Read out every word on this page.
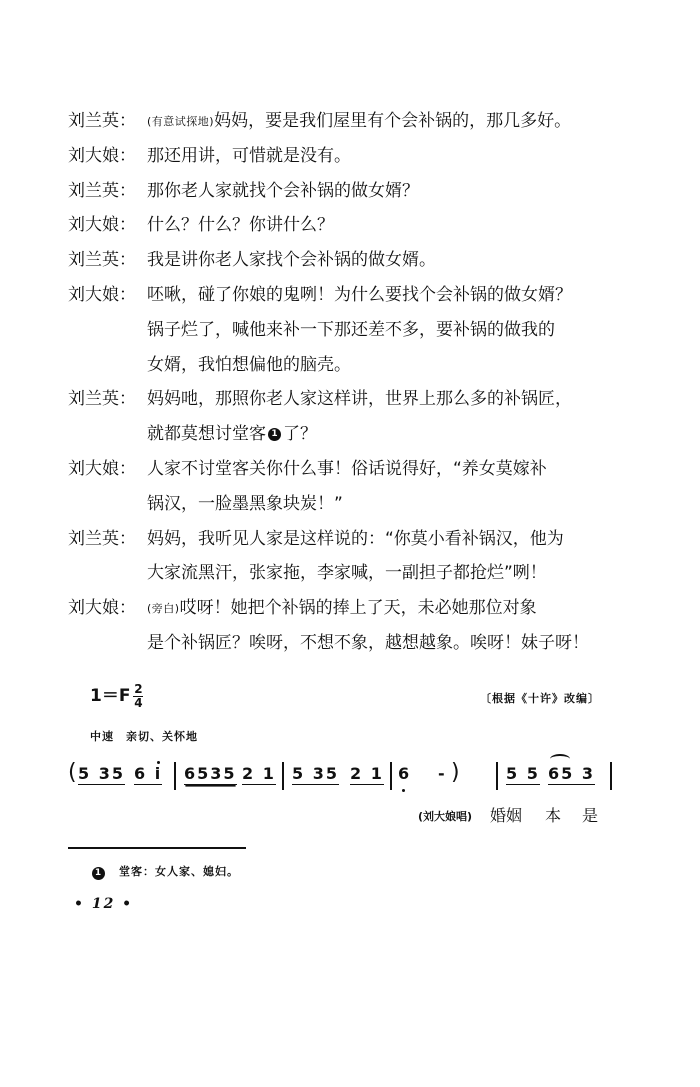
刘兰英： (有意试探地)妈妈，要是我们屋里有个会补锅的，那几多好。
刘大娘： 那还用讲，可惜就是没有。
刘兰英： 那你老人家就找个会补锅的做女婿？
刘大娘： 什么？什么？你讲什么？
刘兰英： 我是讲你老人家找个会补锅的做女婿。
刘大娘： 呸啾，碰了你娘的鬼咧！为什么要找个会补锅的做女婿？
锅子烂了，喊他来补一下那还差不多，要补锅的做我的
女婿，我怕想偏他的脑壳。
刘兰英： 妈妈吔，那照你老人家这样讲，世界上那么多的补锅匠，
就都莫想讨堂客 1 了？
刘大娘： 人家不讨堂客关你什么事！俗话说得好，“养女莫嫁补
锅汉，一脸墨黑象块炭！”
刘兰英： 妈妈，我听见人家是这样说的：“你莫小看补锅汉，他为
大家流黑汗，张家拖，李家喊，一副担子都抢烂”咧！
刘大娘： (旁白)哎呀！她把个补锅的捧上了天，未必她那位对象
是个补锅匠？唉呀，不想不象，越想越象。唉呀！妹子呀！
$1=F \frac{2}{4}$	〔根据《十许》改编〕
中速　亲切、关怀地
( 5 35 6 i 6535 2 1 5 35 2 1 6 - )	5 5 65 3
(刘大娘唱) 婚姻 本 是
1 堂客：女人家、媳妇。
• 12 •
